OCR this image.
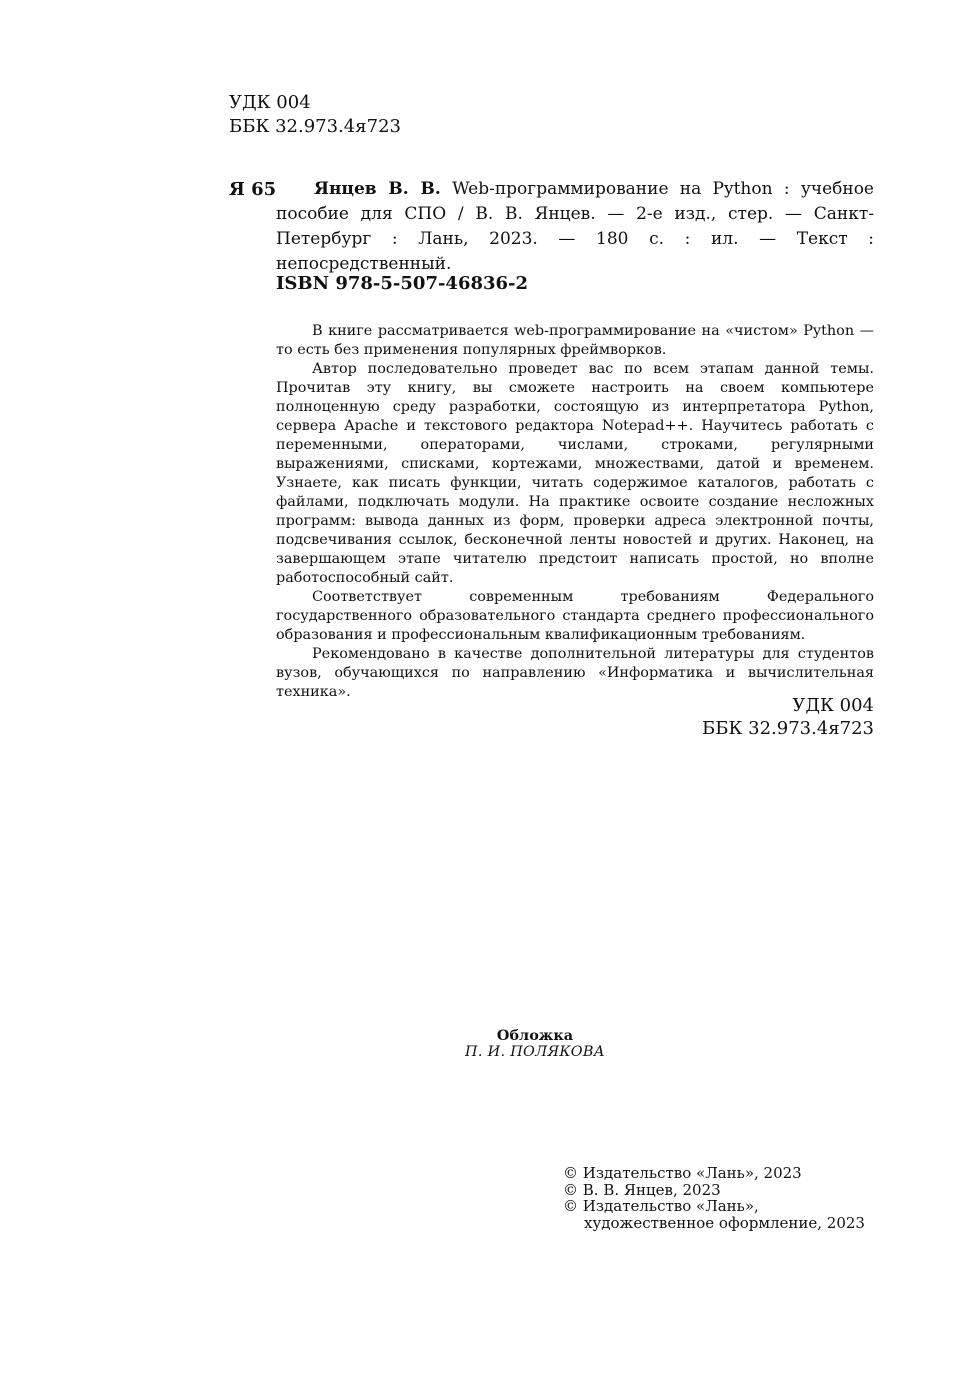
УДК 004
ББК 32.973.4я723
Я 65	Янцев В. В. Web-программирование на Python : учебное пособие для СПО / В. В. Янцев. — 2-е изд., стер. — Санкт-Петербург : Лань, 2023. — 180 с. : ил. — Текст : непосредственный.
ISBN 978-5-507-46836-2

В книге рассматривается web-программирование на «чистом» Python — то есть без применения популярных фреймворков.

Автор последовательно проведет вас по всем этапам данной темы. Прочитав эту книгу, вы сможете настроить на своем компьютере полноценную среду разработки, состоящую из интерпретатора Python, сервера Apache и текстового редактора Notepad++. Научитесь работать с переменными, операторами, числами, строками, регулярными выражениями, списками, кортежами, множествами, датой и временем. Узнаете, как писать функции, читать содержимое каталогов, работать с файлами, подключать модули. На практике освоите создание несложных программ: вывода данных из форм, проверки адреса электронной почты, подсвечивания ссылок, бесконечной ленты новостей и других. Наконец, на завершающем этапе читателю предстоит написать простой, но вполне работоспособный сайт.

Соответствует современным требованиям Федерального государственного образовательного стандарта среднего профессионального образования и профессиональным квалификационным требованиям.

Рекомендовано в качестве дополнительной литературы для студентов вузов, обучающихся по направлению «Информатика и вычислительная техника».

УДК 004
ББК 32.973.4я723
Обложка
П. И. ПОЛЯКОВА
© Издательство «Лань», 2023
© В. В. Янцев, 2023
© Издательство «Лань»,
художественное оформление, 2023
